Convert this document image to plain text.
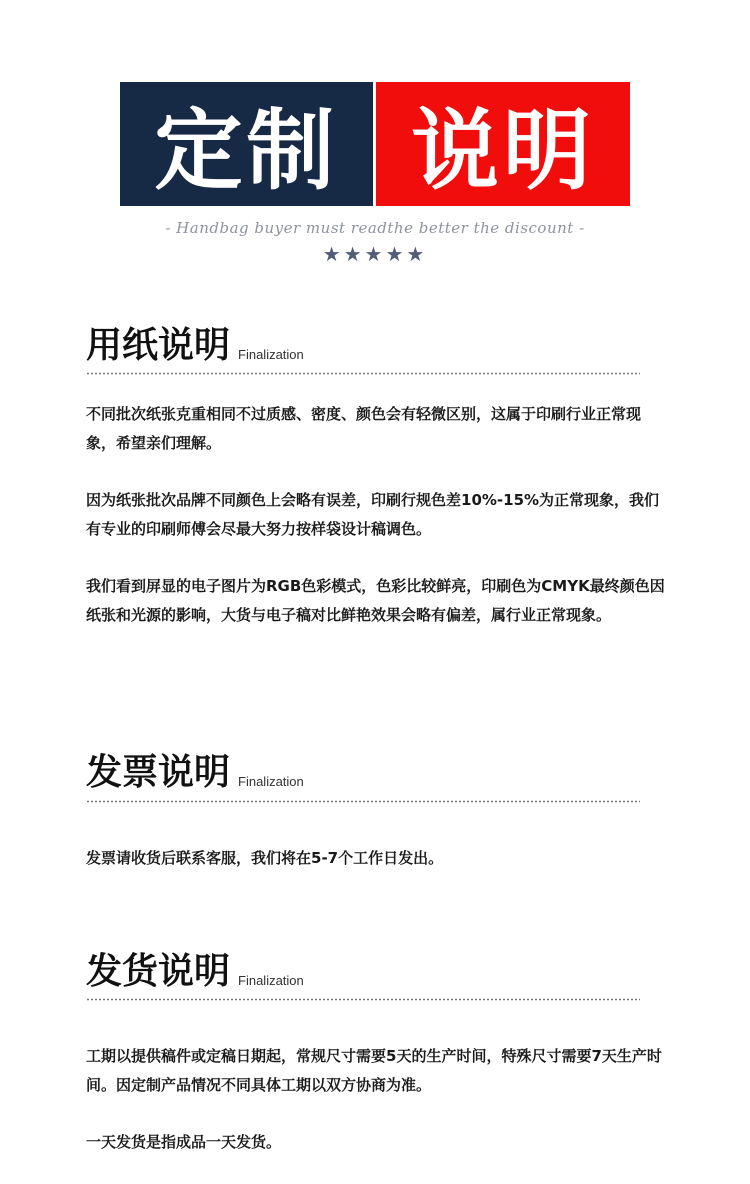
定制 说明
- Handbag buyer must readthe better the discount -
★★★★★
用纸说明 Finalization

不同批次纸张克重相同不过质感、密度、颜色会有轻微区别，这属于印刷行业正常现象，希望亲们理解。

因为纸张批次品牌不同颜色上会略有误差，印刷行规色差10%-15%为正常现象，我们有专业的印刷师傅会尽最大努力按样袋设计稿调色。

我们看到屏显的电子图片为RGB色彩模式，色彩比较鲜亮，印刷色为CMYK最终颜色因纸张和光源的影响，大货与电子稿对比鲜艳效果会略有偏差，属行业正常现象。

发票说明 Finalization

发票请收货后联系客服，我们将在5-7个工作日发出。

发货说明 Finalization

工期以提供稿件或定稿日期起，常规尺寸需要5天的生产时间，特殊尺寸需要7天生产时间。因定制产品情况不同具体工期以双方协商为准。

一天发货是指成品一天发货。
